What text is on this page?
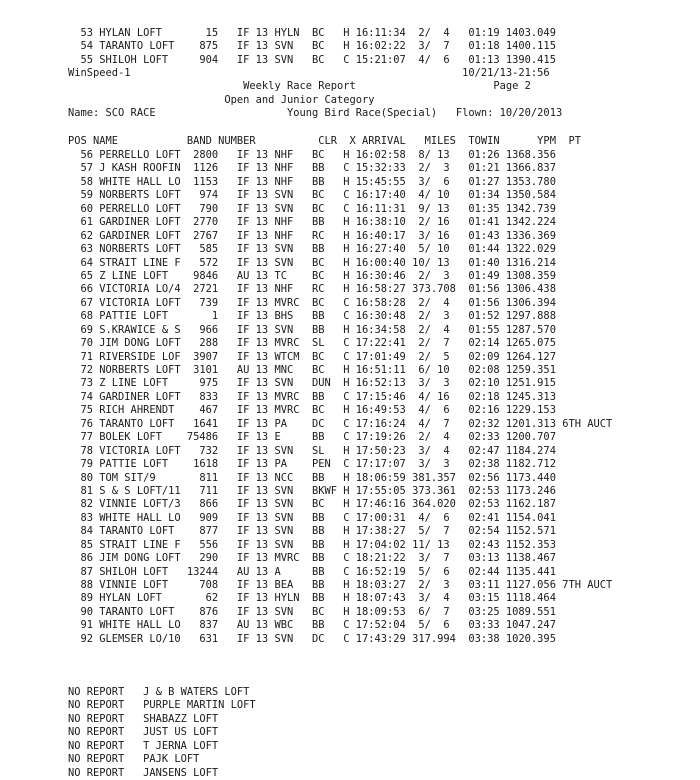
53 HYLAN LOFT       15   IF 13 HYLN  BC   H 16:11:34  2/  4   01:19 1403.049
54 TARANTO LOFT    875   IF 13 SVN   BC   H 16:02:22  3/  7   01:18 1400.115
55 SHILOH LOFT     904   IF 13 SVN   BC   C 15:21:07  4/  6   01:13 1390.415
WinSpeed-1                                                     10/21/13-21:56
Weekly Race Report                      Page 2
Open and Junior Category
Name: SCO RACE                     Young Bird Race(Special)   Flown: 10/20/2013
POS NAME           BAND NUMBER          CLR  X ARRIVAL   MILES  TOWIN      YPM  PT
56 PERRELLO LOFT  2800   IF 13 NHF   BC   H 16:02:58  8/ 13   01:26 1368.356
57 J KASH ROOFIN  1126   IF 13 NHF   BB   C 15:32:33  2/  3   01:21 1366.837
58 WHITE HALL LO  1153   IF 13 NHF   BB   H 15:45:55  3/  6   01:27 1353.780
59 NORBERTS LOFT   974   IF 13 SVN   BC   C 16:17:40  4/ 10   01:34 1350.584
60 PERRELLO LOFT   790   IF 13 SVN   BC   C 16:11:31  9/ 13   01:35 1342.739
61 GARDINER LOFT  2770   IF 13 NHF   BB   H 16:38:10  2/ 16   01:41 1342.224
62 GARDINER LOFT  2767   IF 13 NHF   RC   H 16:40:17  3/ 16   01:43 1336.369
63 NORBERTS LOFT   585   IF 13 SVN   BB   H 16:27:40  5/ 10   01:44 1322.029
64 STRAIT LINE F   572   IF 13 SVN   BC   H 16:00:40 10/ 13   01:40 1316.214
65 Z LINE LOFT    9846   AU 13 TC    BC   H 16:30:46  2/  3   01:49 1308.359
66 VICTORIA LO/4  2721   IF 13 NHF   RC   H 16:58:27 373.708  01:56 1306.438
67 VICTORIA LOFT   739   IF 13 MVRC  BC   C 16:58:28  2/  4   01:56 1306.394
68 PATTIE LOFT       1   IF 13 BHS   BB   C 16:30:48  2/  3   01:52 1297.888
69 S.KRAWICE & S   966   IF 13 SVN   BB   H 16:34:58  2/  4   01:55 1287.570
70 JIM DONG LOFT   288   IF 13 MVRC  SL   C 17:22:41  2/  7   02:14 1265.075
71 RIVERSIDE LOF  3907   IF 13 WTCM  BC   C 17:01:49  2/  5   02:09 1264.127
72 NORBERTS LOFT  3101   AU 13 MNC   BC   H 16:51:11  6/ 10   02:08 1259.351
73 Z LINE LOFT     975   IF 13 SVN   DUN  H 16:52:13  3/  3   02:10 1251.915
74 GARDINER LOFT   833   IF 13 MVRC  BB   C 17:15:46  4/ 16   02:18 1245.313
75 RICH AHRENDT    467   IF 13 MVRC  BC   H 16:49:53  4/  6   02:16 1229.153
76 TARANTO LOFT   1641   IF 13 PA    DC   C 17:16:24  4/  7   02:32 1201.313 6TH AUCT
77 BOLEK LOFT    75486   IF 13 E     BB   C 17:19:26  2/  4   02:33 1200.707
78 VICTORIA LOFT   732   IF 13 SVN   SL   H 17:50:23  3/  4   02:47 1184.274
79 PATTIE LOFT    1618   IF 13 PA    PEN  C 17:17:07  3/  3   02:38 1182.712
80 TOM SIT/9       811   IF 13 NCC   BB   H 18:06:59 381.357  02:56 1173.440
81 S & S LOFT/11   711   IF 13 SVN   BKWF H 17:55:05 373.361  02:53 1173.246
82 VINNIE LOFT/3   866   IF 13 SVN   BC   H 17:46:16 364.020  02:53 1162.187
83 WHITE HALL LO   909   IF 13 SVN   BB   C 17:00:31  4/  6   02:41 1154.041
84 TARANTO LOFT    877   IF 13 SVN   BB   H 17:38:27  5/  7   02:54 1152.571
85 STRAIT LINE F   556   IF 13 SVN   BB   H 17:04:02 11/ 13   02:43 1152.353
86 JIM DONG LOFT   290   IF 13 MVRC  BB   C 18:21:22  3/  7   03:13 1138.467
87 SHILOH LOFT   13244   AU 13 A     BB   C 16:52:19  5/  6   02:44 1135.441
88 VINNIE LOFT     708   IF 13 BEA   BB   H 18:03:27  2/  3   03:11 1127.056 7TH AUCT
89 HYLAN LOFT       62   IF 13 HYLN  BB   H 18:07:43  3/  4   03:15 1118.464
90 TARANTO LOFT    876   IF 13 SVN   BC   H 18:09:53  6/  7   03:25 1089.551
91 WHITE HALL LO   837   AU 13 WBC   BB   C 17:52:04  5/  6   03:33 1047.247
92 GLEMSER LO/10   631   IF 13 SVN   DC   C 17:43:29 317.994  03:38 1020.395
NO REPORT   J & B WATERS LOFT
NO REPORT   PURPLE MARTIN LOFT
NO REPORT   SHABAZZ LOFT
NO REPORT   JUST US LOFT
NO REPORT   T JERNA LOFT
NO REPORT   PAJK LOFT
NO REPORT   JANSENS LOFT
